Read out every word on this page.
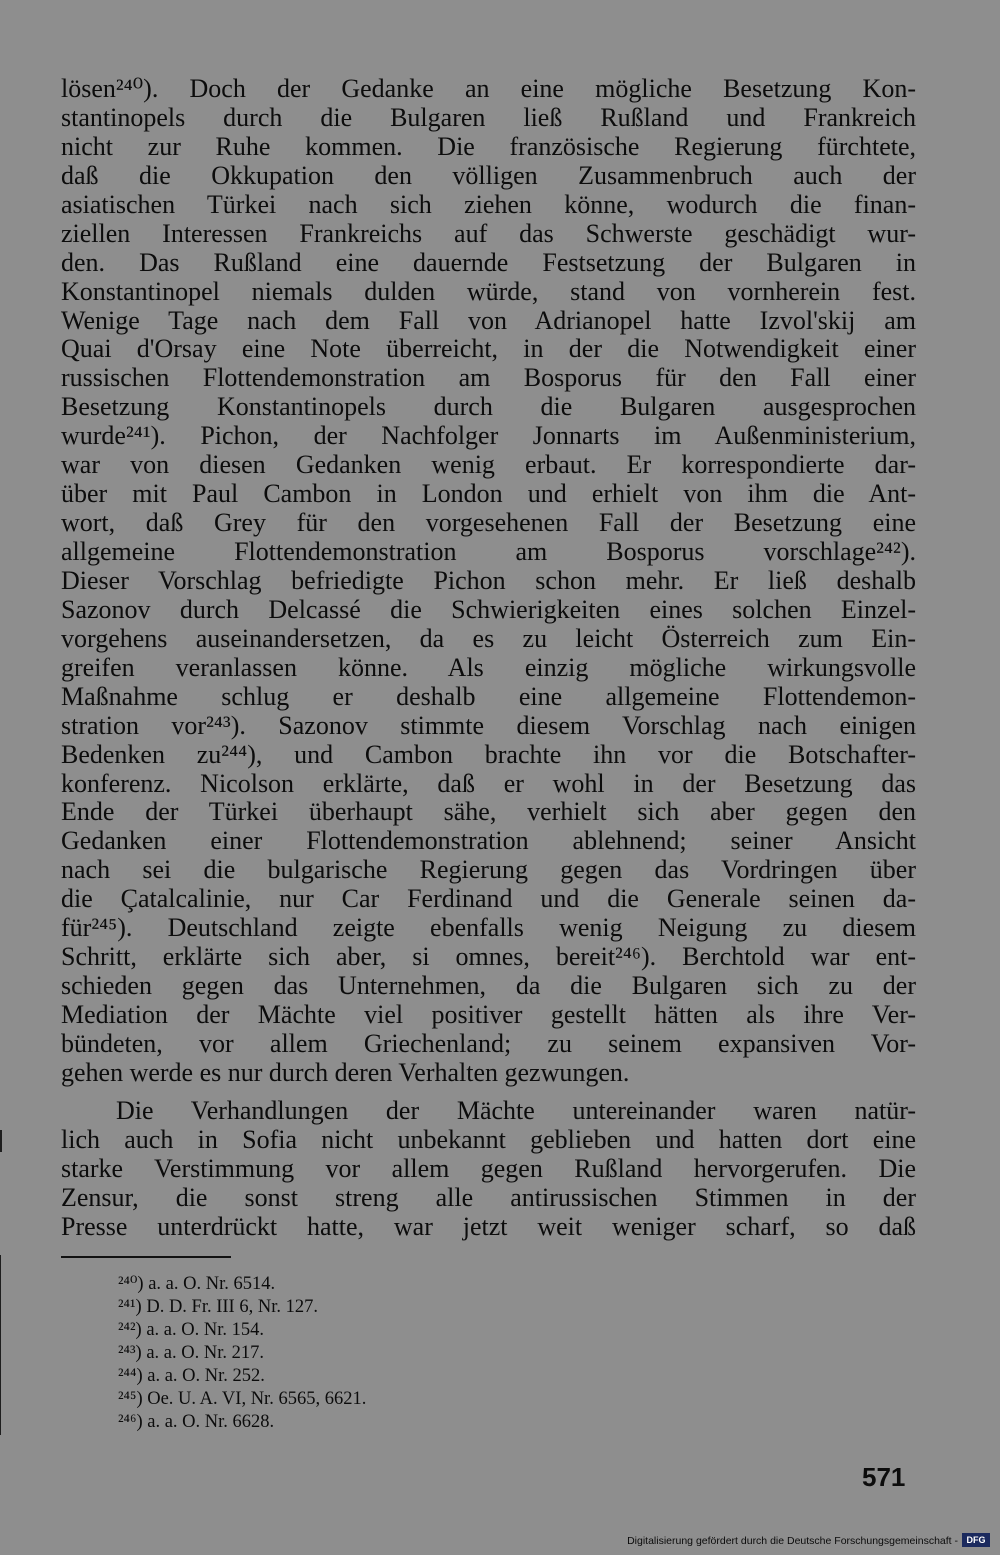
lösen²⁴⁰). Doch der Gedanke an eine mögliche Besetzung Kon-
stantinopels durch die Bulgaren ließ Rußland und Frankreich
nicht zur Ruhe kommen. Die französische Regierung fürchtete,
daß die Okkupation den völligen Zusammenbruch auch der
asiatischen Türkei nach sich ziehen könne, wodurch die finan-
ziellen Interessen Frankreichs auf das Schwerste geschädigt wur-
den. Das Rußland eine dauernde Festsetzung der Bulgaren in
Konstantinopel niemals dulden würde, stand von vornherein fest.
Wenige Tage nach dem Fall von Adrianopel hatte Izvol'skij am
Quai d'Orsay eine Note überreicht, in der die Notwendigkeit einer
russischen Flottendemonstration am Bosporus für den Fall einer
Besetzung Konstantinopels durch die Bulgaren ausgesprochen
wurde²⁴¹). Pichon, der Nachfolger Jonnarts im Außenministerium,
war von diesen Gedanken wenig erbaut. Er korrespondierte dar-
über mit Paul Cambon in London und erhielt von ihm die Ant-
wort, daß Grey für den vorgesehenen Fall der Besetzung eine
allgemeine Flottendemonstration am Bosporus vorschlage²⁴²).
Dieser Vorschlag befriedigte Pichon schon mehr. Er ließ deshalb
Sazonov durch Delcassé die Schwierigkeiten eines solchen Einzel-
vorgehens auseinandersetzen, da es zu leicht Österreich zum Ein-
greifen veranlassen könne. Als einzig mögliche wirkungsvolle
Maßnahme schlug er deshalb eine allgemeine Flottendemon-
stration vor²⁴³). Sazonov stimmte diesem Vorschlag nach einigen
Bedenken zu²⁴⁴), und Cambon brachte ihn vor die Botschafter-
konferenz. Nicolson erklärte, daß er wohl in der Besetzung das
Ende der Türkei überhaupt sähe, verhielt sich aber gegen den
Gedanken einer Flottendemonstration ablehnend; seiner Ansicht
nach sei die bulgarische Regierung gegen das Vordringen über
die Çatalcalinie, nur Car Ferdinand und die Generale seinen da-
für²⁴⁵). Deutschland zeigte ebenfalls wenig Neigung zu diesem
Schritt, erklärte sich aber, si omnes, bereit²⁴⁶). Berchtold war ent-
schieden gegen das Unternehmen, da die Bulgaren sich zu der
Mediation der Mächte viel positiver gestellt hätten als ihre Ver-
bündeten, vor allem Griechenland; zu seinem expansiven Vor-
gehen werde es nur durch deren Verhalten gezwungen.
Die Verhandlungen der Mächte untereinander waren natür-
lich auch in Sofia nicht unbekannt geblieben und hatten dort eine
starke Verstimmung vor allem gegen Rußland hervorgerufen. Die
Zensur, die sonst streng alle antirussischen Stimmen in der
Presse unterdrückt hatte, war jetzt weit weniger scharf, so daß
²⁴⁰) a. a. O. Nr. 6514.
²⁴¹) D. D. Fr. III 6, Nr. 127.
²⁴²) a. a. O. Nr. 154.
²⁴³) a. a. O. Nr. 217.
²⁴⁴) a. a. O. Nr. 252.
²⁴⁵) Oe. U. A. VI, Nr. 6565, 6621.
²⁴⁶) a. a. O. Nr. 6628.
571
Digitalisierung gefördert durch die Deutsche Forschungsgemeinschaft - DFG
